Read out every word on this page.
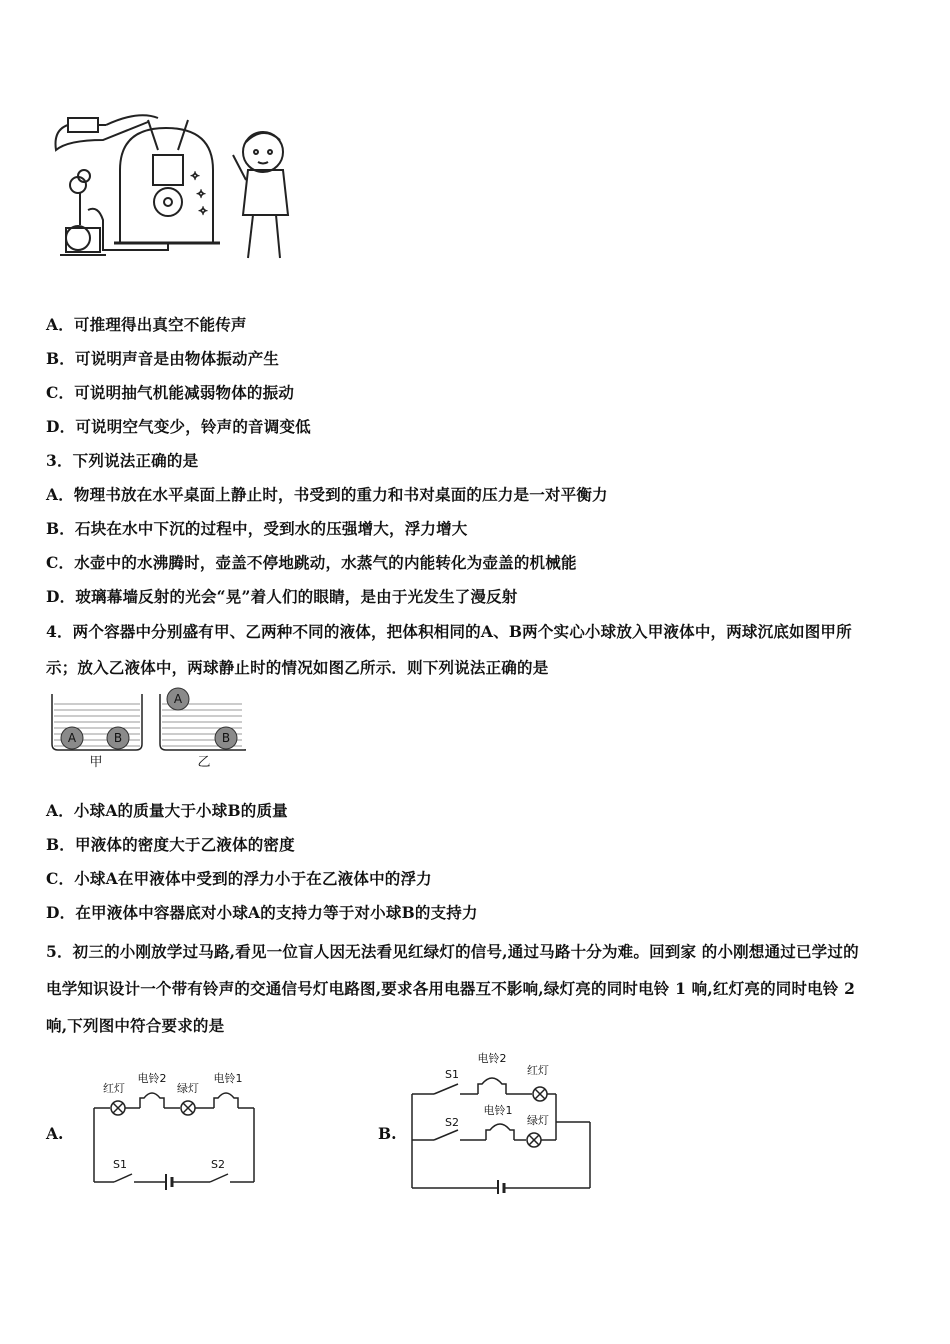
✧
✧
✧
A．可推理得出真空不能传声
B．可说明声音是由物体振动产生
C．可说明抽气机能减弱物体的振动
D．可说明空气变少，铃声的音调变低
3．下列说法正确的是
A．物理书放在水平桌面上静止时，书受到的重力和书对桌面的压力是一对平衡力
B．石块在水中下沉的过程中，受到水的压强增大，浮力增大
C．水壶中的水沸腾时，壶盖不停地跳动，水蒸气的内能转化为壶盖的机械能
D．玻璃幕墙反射的光会“晃”着人们的眼睛，是由于光发生了漫反射
4．两个容器中分别盛有甲、乙两种不同的液体，把体积相同的A、B两个实心小球放入甲液体中，两球沉底如图甲所
示；放入乙液体中，两球静止时的情况如图乙所示．则下列说法正确的是
A	B
A
B
甲	乙
A．小球A的质量大于小球B的质量
B．甲液体的密度大于乙液体的密度
C．小球A在甲液体中受到的浮力小于在乙液体中的浮力
D．在甲液体中容器底对小球A的支持力等于对小球B的支持力
5．初三的小刚放学过马路,看见一位盲人因无法看见红绿灯的信号,通过马路十分为难。回到家 的小刚想通过已学过的
电学知识设计一个带有铃声的交通信号灯电路图,要求各用电器互不影响,绿灯亮的同时电铃 1 响,红灯亮的同时电铃 2
响,下列图中符合要求的是
A.	B.
红灯
电铃2
绿灯
电铃1
S1	S2
S1
电铃2
红灯
电铃1
S2	绿灯
